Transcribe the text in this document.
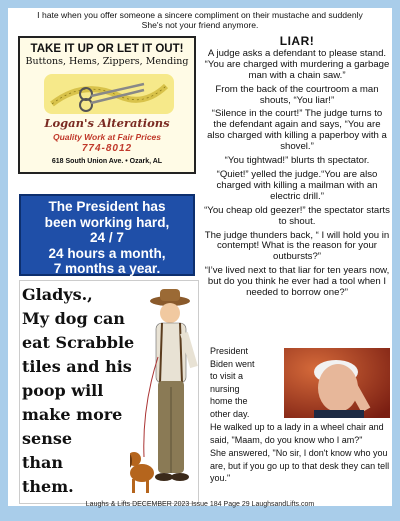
I hate when you offer someone a sincere compliment on their mustache and suddenly
She's not your friend anymore.
TAKE IT UP OR LET IT OUT!
Buttons, Hems, Zippers, Mending
Logan's Alterations
Quality Work at Fair Prices
774-8012
618 South Union Ave. • Ozark, AL
The President has
been working hard,
24 / 7
24 hours a month,
7 months a year.
Gladys.,
My dog can
eat Scrabble
tiles and his
poop will
make more
sense
than
them.
LIAR!

A judge asks a defendant to please stand. “You are charged with murdering a garbage man with a chain saw.”

From the back of the courtroom a man shouts, “You liar!”

“Silence in the court!” The judge turns to the defendant again and says, “You are also charged with killing a paperboy with a shovel.”

“You tightwad!” blurts th spectator.

“Quiet!” yelled the judge.“You are also charged with killing a mailman with an electric drill.”

“You cheap old geezer!” the spectator starts to shout.

The judge thunders back, “ I will hold you in contempt! What is the reason for your outbursts?”

“I’ve lived next to that liar for ten years now, but do you think he ever had a tool when I needed to borrow one?”

President
Biden went
to visit a
nursing
home the
other day.

He walked up to a lady in a wheel chair and said, "Maam, do you know who I am?"

She answered, "No sir, I don't know who you are, but if you go up to that desk they can tell you."

Laughs & Lifts DECEMBER 2023 Issue 184 Page 29 LaughsandLifts.com
